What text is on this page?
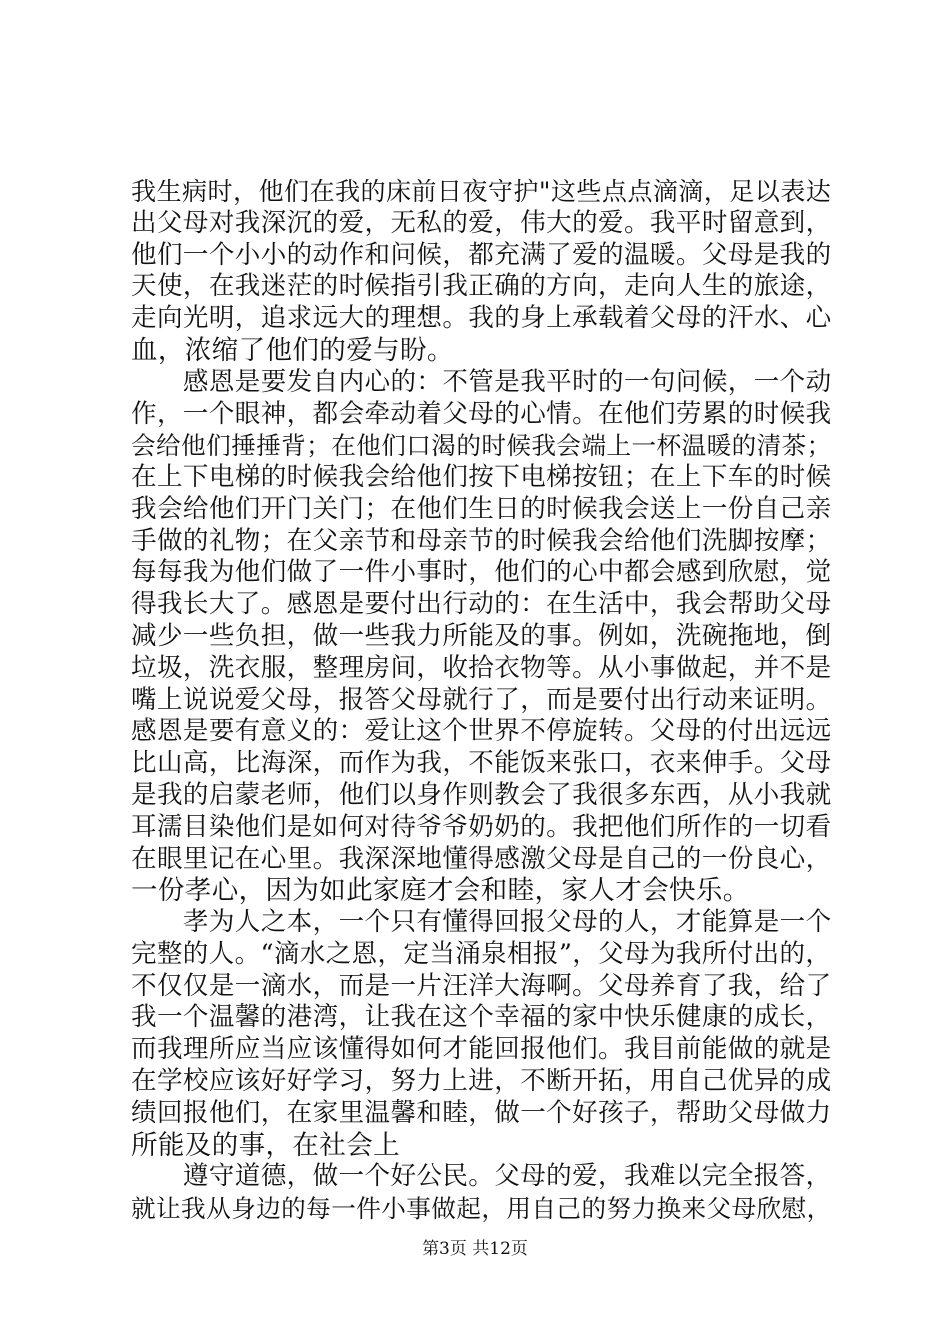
我生病时，他们在我的床前日夜守护"这些点点滴滴，足以表达
出父母对我深沉的爱，无私的爱，伟大的爱。我平时留意到，
他们一个小小的动作和问候，都充满了爱的温暖。父母是我的
天使，在我迷茫的时候指引我正确的方向，走向人生的旅途，
走向光明，追求远大的理想。我的身上承载着父母的汗水、心
血，浓缩了他们的爱与盼。
　　感恩是要发自内心的：不管是我平时的一句问候，一个动
作，一个眼神，都会牵动着父母的心情。在他们劳累的时候我
会给他们捶捶背；在他们口渴的时候我会端上一杯温暖的清茶；
在上下电梯的时候我会给他们按下电梯按钮；在上下车的时候
我会给他们开门关门；在他们生日的时候我会送上一份自己亲
手做的礼物；在父亲节和母亲节的时候我会给他们洗脚按摩；
每每我为他们做了一件小事时，他们的心中都会感到欣慰，觉
得我长大了。感恩是要付出行动的：在生活中，我会帮助父母
减少一些负担，做一些我力所能及的事。例如，洗碗拖地，倒
垃圾，洗衣服，整理房间，收拾衣物等。从小事做起，并不是
嘴上说说爱父母，报答父母就行了，而是要付出行动来证明。
感恩是要有意义的：爱让这个世界不停旋转。父母的付出远远
比山高，比海深，而作为我，不能饭来张口，衣来伸手。父母
是我的启蒙老师，他们以身作则教会了我很多东西，从小我就
耳濡目染他们是如何对待爷爷奶奶的。我把他们所作的一切看
在眼里记在心里。我深深地懂得感激父母是自己的一份良心，
一份孝心，因为如此家庭才会和睦，家人才会快乐。
　　孝为人之本，一个只有懂得回报父母的人，才能算是一个
完整的人。“滴水之恩，定当涌泉相报”，父母为我所付出的，
不仅仅是一滴水，而是一片汪洋大海啊。父母养育了我，给了
我一个温馨的港湾，让我在这个幸福的家中快乐健康的成长，
而我理所应当应该懂得如何才能回报他们。我目前能做的就是
在学校应该好好学习，努力上进，不断开拓，用自己优异的成
绩回报他们，在家里温馨和睦，做一个好孩子，帮助父母做力
所能及的事，在社会上
　　遵守道德，做一个好公民。父母的爱，我难以完全报答，
就让我从身边的每一件小事做起，用自己的努力换来父母欣慰，
第3页 共12页
